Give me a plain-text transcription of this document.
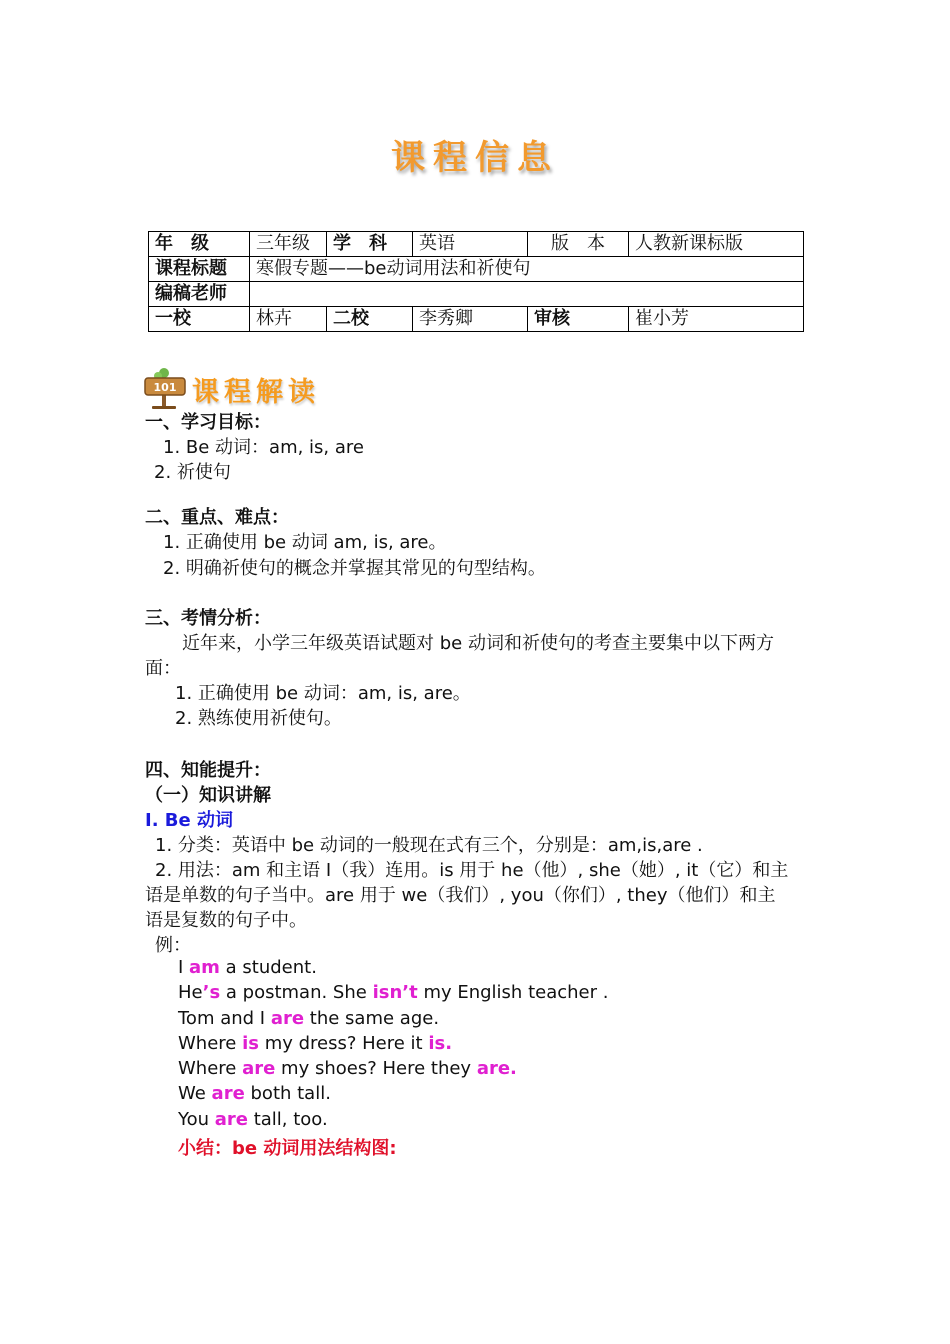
课程信息
年　级	三年级	学　科	英语	版　本	人教新课标版
课程标题	寒假专题——be动词用法和祈使句				
编稿老师					
一校	林卉	二校	李秀卿	审核	崔小芳
101 课程解读
一、学习目标：
1. Be 动词：am, is, are
2. 祈使句
二、重点、难点：
1. 正确使用 be 动词 am, is, are。
2. 明确祈使句的概念并掌握其常见的句型结构。
三、考情分析：
近年来，小学三年级英语试题对 be 动词和祈使句的考查主要集中以下两方
面：
1. 正确使用 be 动词：am, is, are。
2. 熟练使用祈使句。
四、知能提升：
（一）知识讲解
I. Be 动词
1. 分类：英语中 be 动词的一般现在式有三个，分别是：am,is,are .
2. 用法：am 和主语 I（我）连用。is 用于 he（他）, she（她）, it（它）和主
语是单数的句子当中。are 用于 we（我们）, you（你们）, they（他们）和主
语是复数的句子中。
例：
I am a student.
He’s a postman. She isn’t my English teacher .
Tom and I are the same age.
Where is my dress? Here it is.
Where are my shoes? Here they are.
We are both tall.
You are tall, too.
小结：be 动词用法结构图:
